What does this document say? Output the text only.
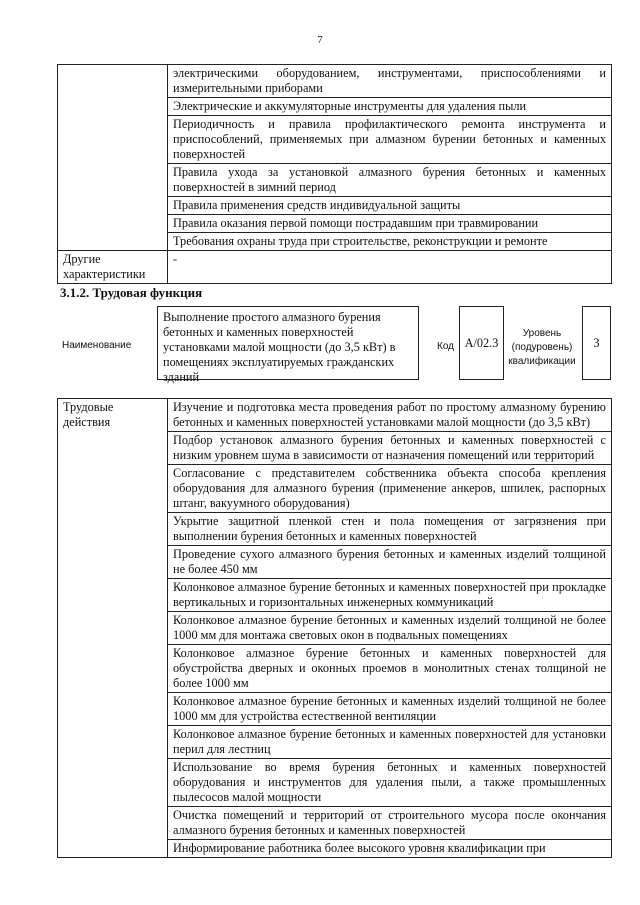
7
	электрическими оборудованием, инструментами, приспособлениями и измерительными приборами
	Электрические и аккумуляторные инструменты для удаления пыли
	Периодичность и правила профилактического ремонта инструмента и приспособлений, применяемых при алмазном бурении бетонных и каменных поверхностей
	Правила ухода за установкой алмазного бурения бетонных и каменных поверхностей в зимний период
	Правила применения средств индивидуальной защиты
	Правила оказания первой помощи пострадавшим при травмировании
	Требования охраны труда при строительстве, реконструкции и ремонте
Другие характеристики	-
3.1.2. Трудовая функция
Наименование
Выполнение простого алмазного бурения бетонных и каменных поверхностей установками малой мощности (до 3,5 кВт) в помещениях эксплуатируемых гражданских зданий
Код A/02.3
Уровень (подуровень) квалификации
3
Трудовые действия	Изучение и подготовка места проведения работ по простому алмазному бурению бетонных и каменных поверхностей установками малой мощности (до 3,5 кВт)
Подбор установок алмазного бурения бетонных и каменных поверхностей с низким уровнем шума в зависимости от назначения помещений или территорий
Согласование с представителем собственника объекта способа крепления оборудования для алмазного бурения (применение анкеров, шпилек, распорных штанг, вакуумного оборудования)
Укрытие защитной пленкой стен и пола помещения от загрязнения при выполнении бурения бетонных и каменных поверхностей
Проведение сухого алмазного бурения бетонных и каменных изделий толщиной не более 450 мм
Колонковое алмазное бурение бетонных и каменных поверхностей при прокладке вертикальных и горизонтальных инженерных коммуникаций
Колонковое алмазное бурение бетонных и каменных изделий толщиной не более 1000 мм для монтажа световых окон в подвальных помещениях
Колонковое алмазное бурение бетонных и каменных поверхностей для обустройства дверных и оконных проемов в монолитных стенах толщиной не более 1000 мм
Колонковое алмазное бурение бетонных и каменных изделий толщиной не более 1000 мм для устройства естественной вентиляции
Колонковое алмазное бурение бетонных и каменных поверхностей для установки перил для лестниц
Использование во время бурения бетонных и каменных поверхностей оборудования и инструментов для удаления пыли, а также промышленных пылесосов малой мощности
Очистка помещений и территорий от строительного мусора после окончания алмазного бурения бетонных и каменных поверхностей
Информирование работника более высокого уровня квалификации при
